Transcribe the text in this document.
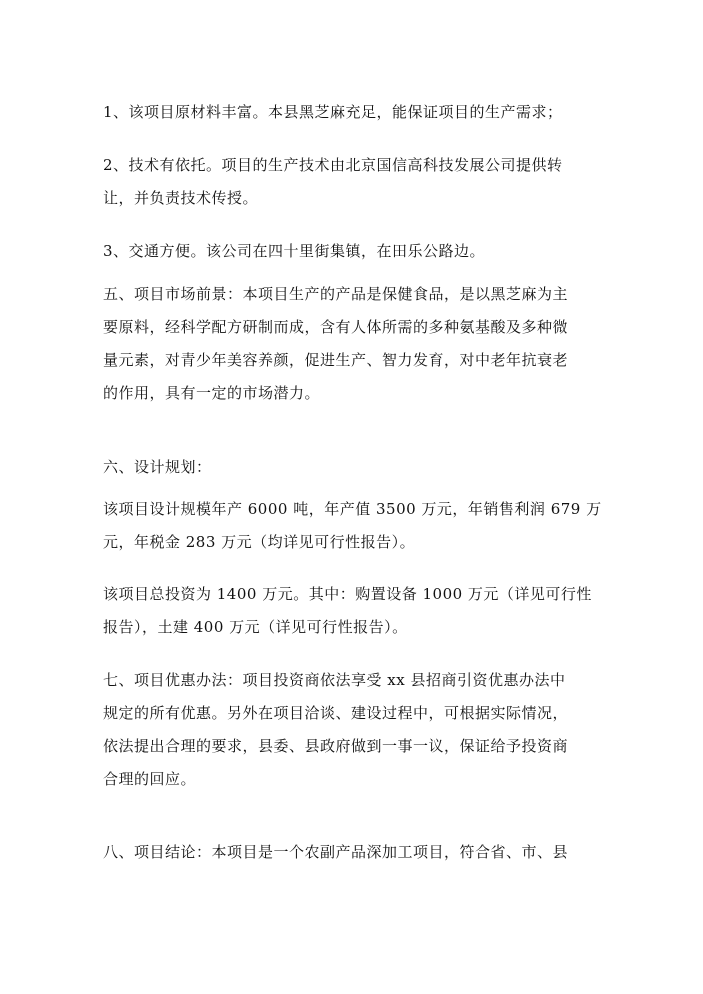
1、该项目原材料丰富。本县黑芝麻充足，能保证项目的生产需求；
2、技术有依托。项目的生产技术由北京国信高科技发展公司提供转
让，并负责技术传授。
3、交通方便。该公司在四十里街集镇，在田乐公路边。
五、项目市场前景：本项目生产的产品是保健食品，是以黑芝麻为主
要原料，经科学配方研制而成，含有人体所需的多种氨基酸及多种微
量元素，对青少年美容养颜，促进生产、智力发育，对中老年抗衰老
的作用，具有一定的市场潜力。
六、设计规划：
该项目设计规模年产 6000 吨，年产值 3500 万元，年销售利润 679 万
元，年税金 283 万元（均详见可行性报告）。
该项目总投资为 1400 万元。其中：购置设备 1000 万元（详见可行性
报告），土建 400 万元（详见可行性报告）。
七、项目优惠办法：项目投资商依法享受 xx 县招商引资优惠办法中
规定的所有优惠。另外在项目洽谈、建设过程中，可根据实际情况，
依法提出合理的要求，县委、县政府做到一事一议，保证给予投资商
合理的回应。
八、项目结论：本项目是一个农副产品深加工项目，符合省、市、县
